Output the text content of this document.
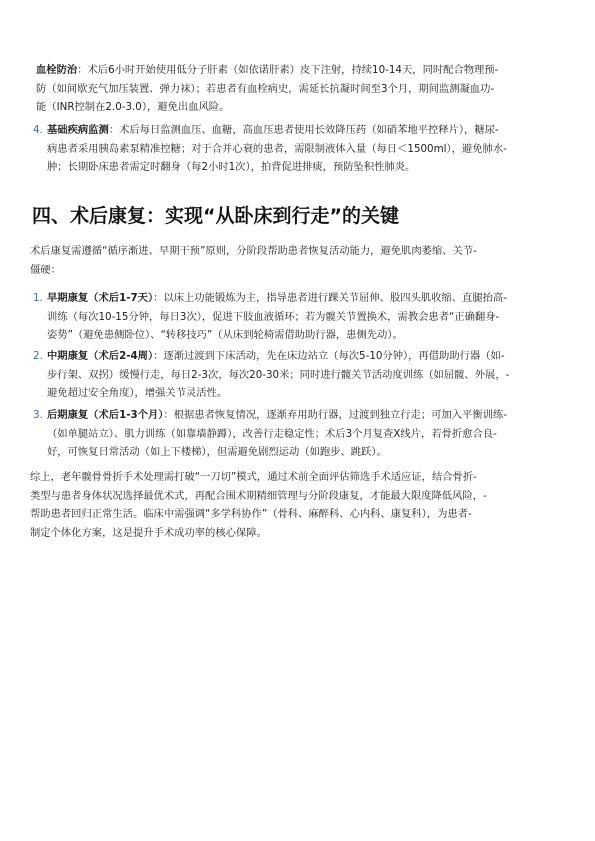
血栓防治：术后6小时开始使用低分子肝素（如依诺肝素）皮下注射，持续10-14天，同时配合物理预-
防（如间歇充气加压装置、弹力袜）；若患者有血栓病史，需延长抗凝时间至3个月，期间监测凝血功-
能（INR控制在2.0-3.0），避免出血风险。
4. 基础疾病监测：术后每日监测血压、血糖，高血压患者使用长效降压药（如硝苯地平控释片），糖尿-
病患者采用胰岛素泵精准控糖；对于合并心衰的患者，需限制液体入量（每日＜1500ml），避免肺水-
肿；长期卧床患者需定时翻身（每2小时1次），拍背促进排痰，预防坠积性肺炎。
四、术后康复：实现“从卧床到行走”的关键
术后康复需遵循“循序渐进、早期干预”原则，分阶段帮助患者恢复活动能力，避免肌肉萎缩、关节-
僵硬：
1. 早期康复（术后1-7天）：以床上功能锻炼为主，指导患者进行踝关节屈伸、股四头肌收缩、直腿抬高-
训练（每次10-15分钟，每日3次），促进下肢血液循环；若为髋关节置换术，需教会患者“正确翻身-
姿势”（避免患侧卧位）、“转移技巧”（从床到轮椅需借助助行器，患侧先动）。
2. 中期康复（术后2-4周）：逐渐过渡到下床活动，先在床边站立（每次5-10分钟），再借助助行器（如-
步行架、双拐）缓慢行走，每日2-3次，每次20-30米；同时进行髋关节活动度训练（如屈髋、外展，-
避免超过安全角度），增强关节灵活性。
3. 后期康复（术后1-3个月）：根据患者恢复情况，逐渐弃用助行器，过渡到独立行走；可加入平衡训练-
（如单腿站立）、肌力训练（如靠墙静蹲），改善行走稳定性；术后3个月复查X线片，若骨折愈合良-
好，可恢复日常活动（如上下楼梯），但需避免剧烈运动（如跑步、跳跃）。
综上，老年髋骨骨折手术处理需打破“一刀切”模式，通过术前全面评估筛选手术适应证，结合骨折-
类型与患者身体状况选择最优术式，再配合围术期精细管理与分阶段康复，才能最大限度降低风险，-
帮助患者回归正常生活。临床中需强调“多学科协作”（骨科、麻醉科、心内科、康复科），为患者-
制定个体化方案，这是提升手术成功率的核心保障。
